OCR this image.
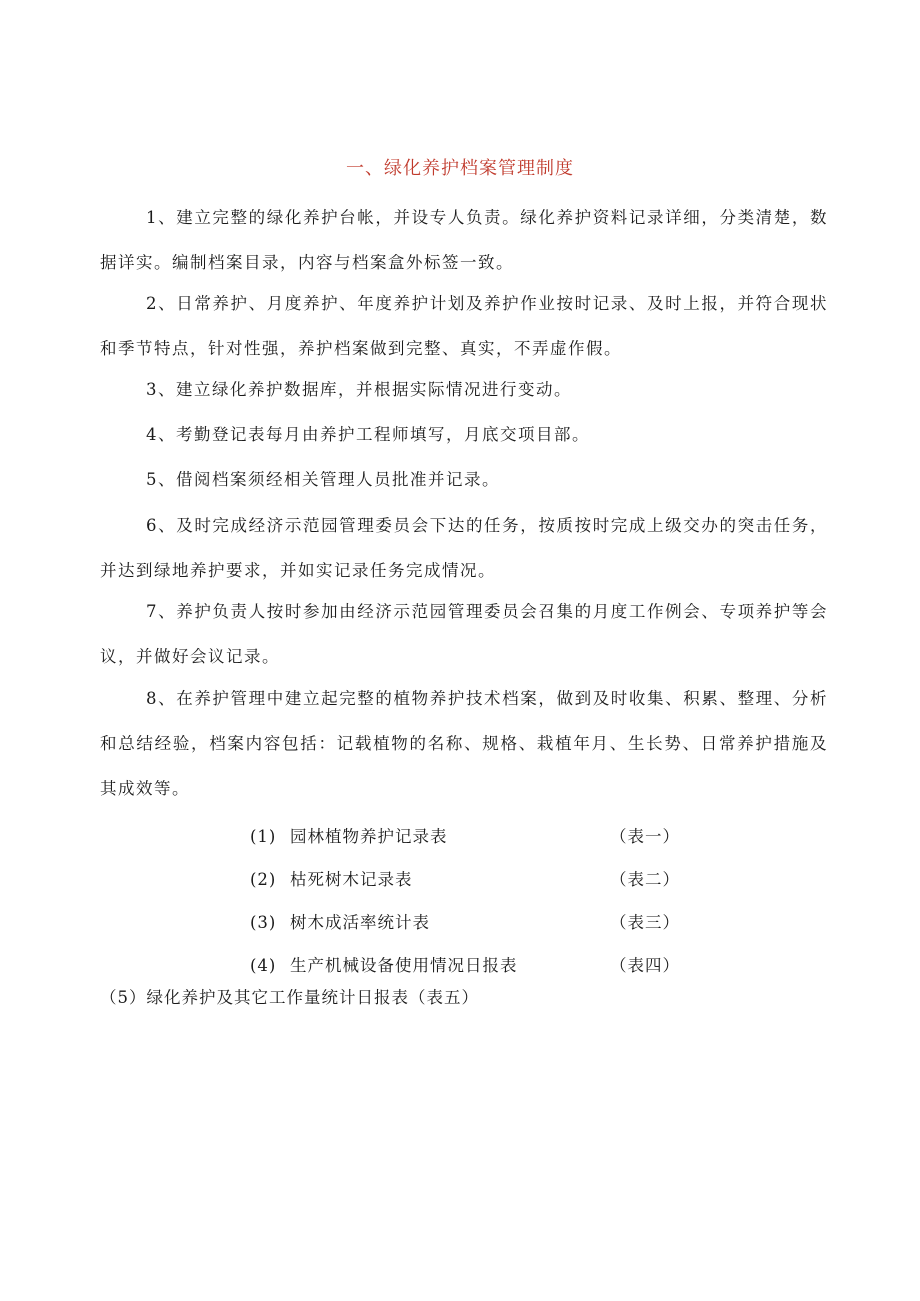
一、绿化养护档案管理制度

1、建立完整的绿化养护台帐，并设专人负责。绿化养护资料记录详细，分类清楚，数据详实。编制档案目录，内容与档案盒外标签一致。

2、日常养护、月度养护、年度养护计划及养护作业按时记录、及时上报，并符合现状和季节特点，针对性强，养护档案做到完整、真实，不弄虚作假。

3、建立绿化养护数据库，并根据实际情况进行变动。

4、考勤登记表每月由养护工程师填写，月底交项目部。

5、借阅档案须经相关管理人员批准并记录。

6、及时完成经济示范园管理委员会下达的任务，按质按时完成上级交办的突击任务，并达到绿地养护要求，并如实记录任务完成情况。

7、养护负责人按时参加由经济示范园管理委员会召集的月度工作例会、专项养护等会议，并做好会议记录。

8、在养护管理中建立起完整的植物养护技术档案，做到及时收集、积累、整理、分析和总结经验，档案内容包括：记载植物的名称、规格、栽植年月、生长势、日常养护措施及其成效等。

(1) 园林植物养护记录表	（表一）
(2) 枯死树木记录表	（表二）
(3) 树木成活率统计表	（表三）
(4) 生产机械设备使用情况日报表	（表四）
（5）绿化养护及其它工作量统计日报表（表五）
